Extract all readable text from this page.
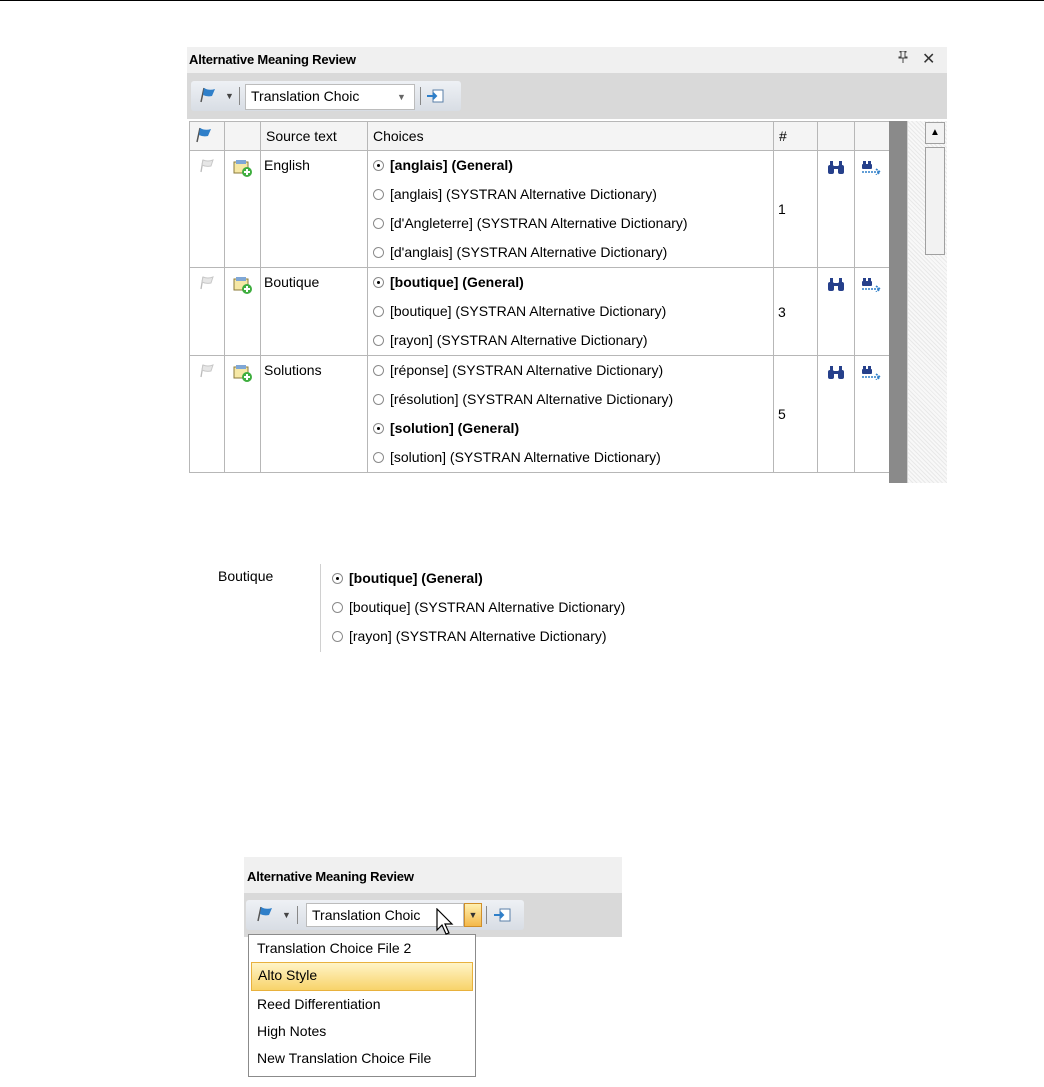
Alternative Meaning Review	✕
▼	Translation Choic	▼
		Source text	Choices	#		
		English	[anglais] (General)
[anglais] (SYSTRAN Alternative Dictionary)
[d'Angleterre] (SYSTRAN Alternative Dictionary)
[d'anglais] (SYSTRAN Alternative Dictionary)	1		
		Boutique	[boutique] (General)
[boutique] (SYSTRAN Alternative Dictionary)
[rayon] (SYSTRAN Alternative Dictionary)	3		
		Solutions	[réponse] (SYSTRAN Alternative Dictionary)
[résolution] (SYSTRAN Alternative Dictionary)
[solution] (General)
[solution] (SYSTRAN Alternative Dictionary)	5		
▲
Boutique	[boutique] (General)
[boutique] (SYSTRAN Alternative Dictionary)
[rayon] (SYSTRAN Alternative Dictionary)
Alternative Meaning Review
▼	Translation Choic	▼
Translation Choice File 2
Alto Style
Reed Differentiation
High Notes
New Translation Choice File
